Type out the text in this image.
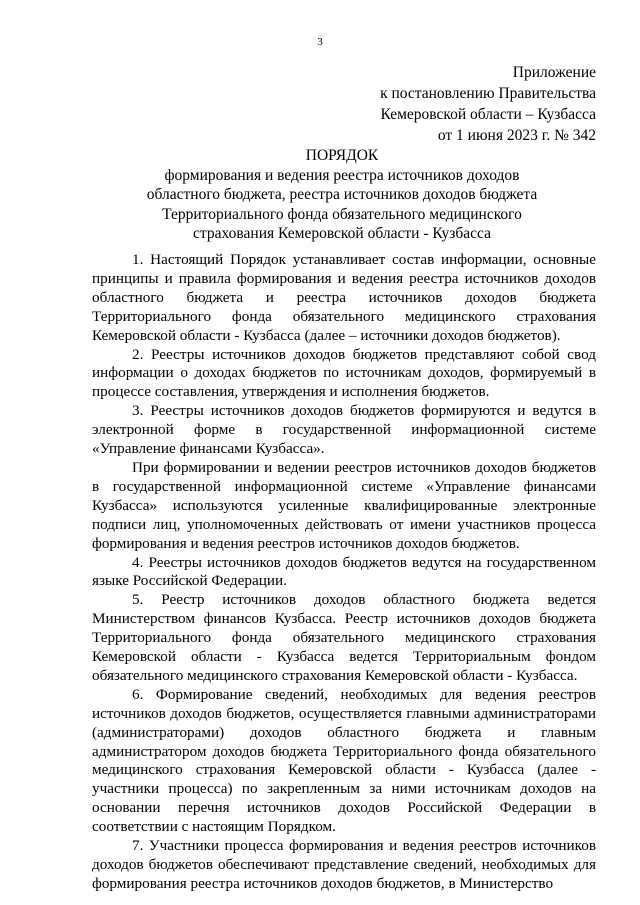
3
Приложение
к постановлению Правительства
Кемеровской области – Кузбасса
от 1 июня 2023 г. № 342
ПОРЯДОК
формирования и ведения реестра источников доходов
областного бюджета, реестра источников доходов бюджета
Территориального фонда обязательного медицинского
страхования Кемеровской области - Кузбасса

1. Настоящий Порядок устанавливает состав информации, основные принципы и правила формирования и ведения реестра источников доходов областного бюджета и реестра источников доходов бюджета Территориального фонда обязательного медицинского страхования Кемеровской области - Кузбасса (далее – источники доходов бюджетов).

2. Реестры источников доходов бюджетов представляют собой свод информации о доходах бюджетов по источникам доходов, формируемый в процессе составления, утверждения и исполнения бюджетов.

3. Реестры источников доходов бюджетов формируются и ведутся в электронной форме в государственной информационной системе «Управление финансами Кузбасса».

При формировании и ведении реестров источников доходов бюджетов в государственной информационной системе «Управление финансами Кузбасса» используются усиленные квалифицированные электронные подписи лиц, уполномоченных действовать от имени участников процесса формирования и ведения реестров источников доходов бюджетов.

4. Реестры источников доходов бюджетов ведутся на государственном языке Российской Федерации.

5. Реестр источников доходов областного бюджета ведется Министерством финансов Кузбасса. Реестр источников доходов бюджета Территориального фонда обязательного медицинского страхования Кемеровской области - Кузбасса ведется Территориальным фондом обязательного медицинского страхования Кемеровской области - Кузбасса.

6. Формирование сведений, необходимых для ведения реестров источников доходов бюджетов, осуществляется главными администраторами (администраторами) доходов областного бюджета и главным администратором доходов бюджета Территориального фонда обязательного медицинского страхования Кемеровской области - Кузбасса (далее - участники процесса) по закрепленным за ними источникам доходов на основании перечня источников доходов Российской Федерации в соответствии с настоящим Порядком.

7. Участники процесса формирования и ведения реестров источников доходов бюджетов обеспечивают представление сведений, необходимых для формирования реестра источников доходов бюджетов, в Министерство
